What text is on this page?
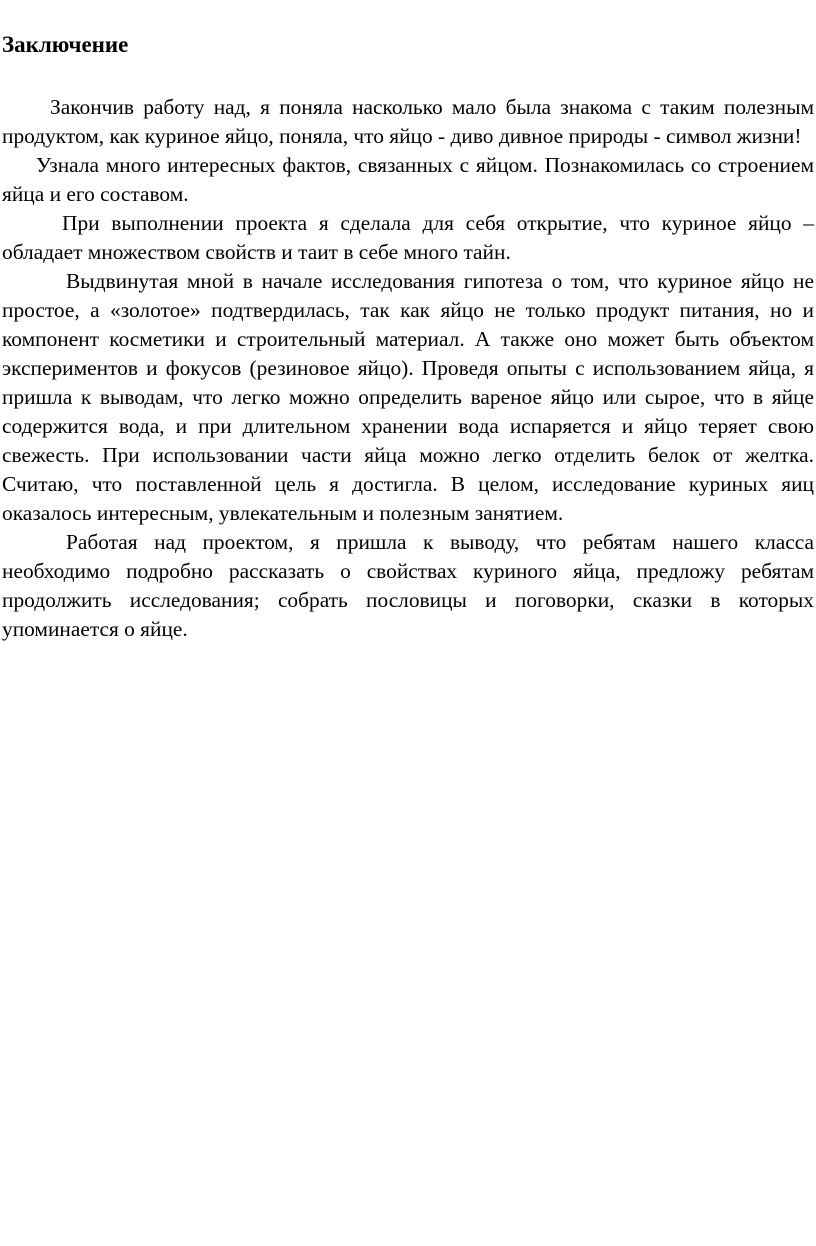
Заключение

Закончив работу над, я поняла насколько мало была знакома с таким полезным продуктом, как куриное яйцо, поняла, что яйцо - диво дивное природы - символ жизни!

Узнала много интересных фактов, связанных с яйцом. Познакомилась со строением яйца и его составом.

При выполнении проекта я сделала для себя открытие, что куриное яйцо – обладает множеством свойств и таит в себе много тайн.

Выдвинутая мной в начале исследования гипотеза о том, что куриное яйцо не простое, а «золотое» подтвердилась, так как яйцо не только продукт питания, но и компонент косметики и строительный материал. А также оно может быть объектом экспериментов и фокусов (резиновое яйцо). Проведя опыты с использованием яйца, я пришла к выводам, что легко можно определить вареное яйцо или сырое, что в яйце содержится вода, и при длительном хранении вода испаряется и яйцо теряет свою свежесть. При использовании части яйца можно легко отделить белок от желтка. Считаю, что поставленной цель я достигла. В целом, исследование куриных яиц оказалось интересным, увлекательным и полезным занятием.

Работая над проектом, я пришла к выводу, что ребятам нашего класса необходимо подробно рассказать о свойствах куриного яйца, предложу ребятам продолжить исследования; собрать пословицы и поговорки, сказки в которых упоминается о яйце.
